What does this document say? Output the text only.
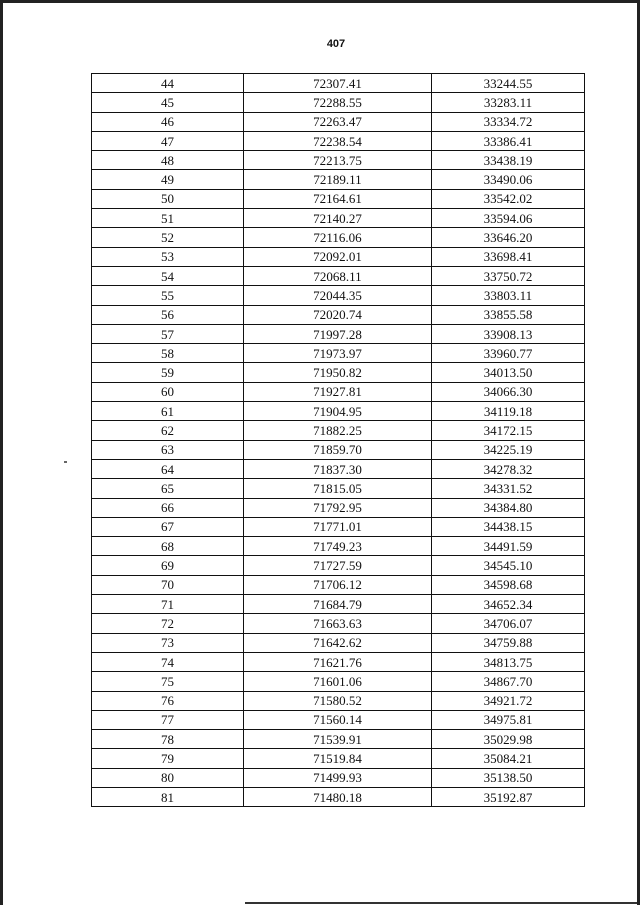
407
44	72307.41	33244.55
45	72288.55	33283.11
46	72263.47	33334.72
47	72238.54	33386.41
48	72213.75	33438.19
49	72189.11	33490.06
50	72164.61	33542.02
51	72140.27	33594.06
52	72116.06	33646.20
53	72092.01	33698.41
54	72068.11	33750.72
55	72044.35	33803.11
56	72020.74	33855.58
57	71997.28	33908.13
58	71973.97	33960.77
59	71950.82	34013.50
60	71927.81	34066.30
61	71904.95	34119.18
62	71882.25	34172.15
63	71859.70	34225.19
64	71837.30	34278.32
65	71815.05	34331.52
66	71792.95	34384.80
67	71771.01	34438.15
68	71749.23	34491.59
69	71727.59	34545.10
70	71706.12	34598.68
71	71684.79	34652.34
72	71663.63	34706.07
73	71642.62	34759.88
74	71621.76	34813.75
75	71601.06	34867.70
76	71580.52	34921.72
77	71560.14	34975.81
78	71539.91	35029.98
79	71519.84	35084.21
80	71499.93	35138.50
81	71480.18	35192.87
